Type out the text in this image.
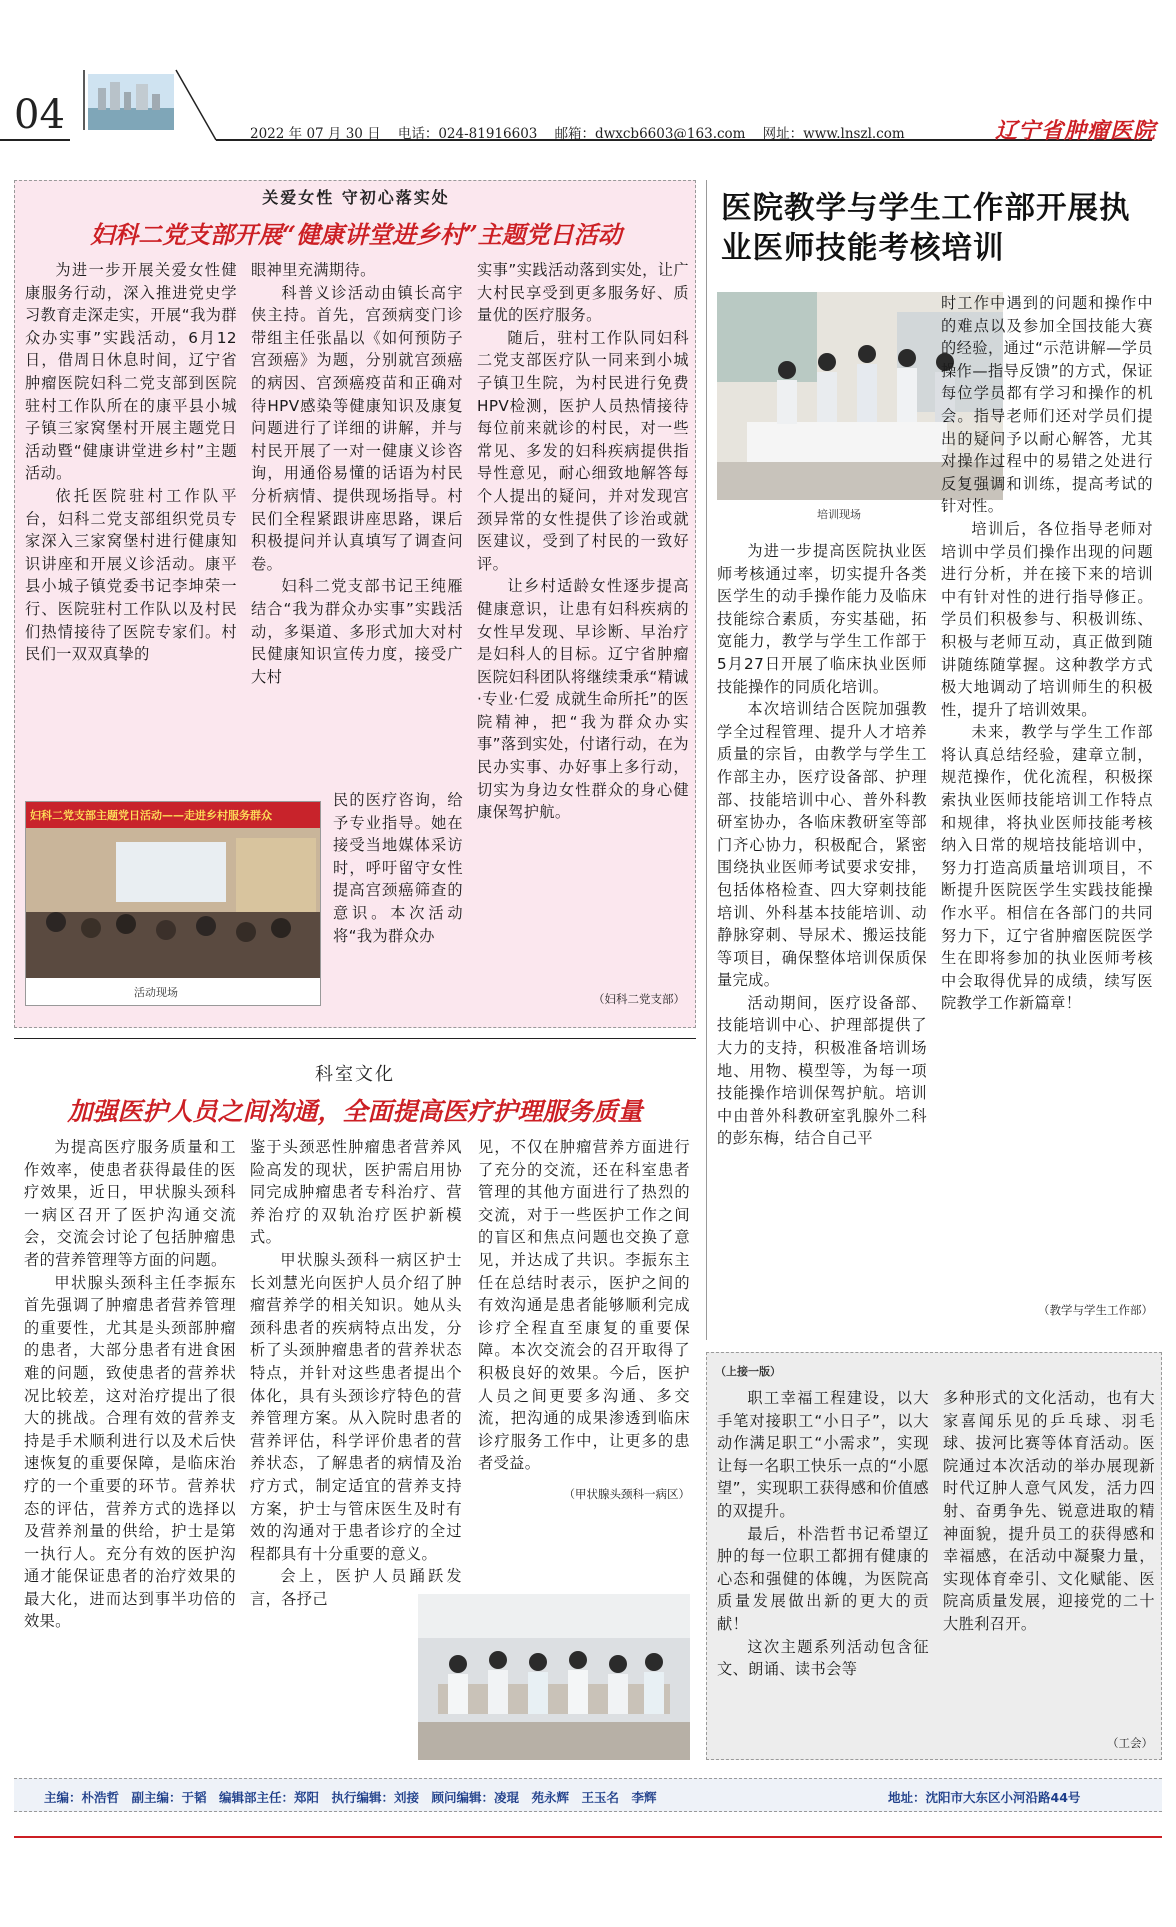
04	2022 年 07 月 30 日 电话：024-81916603 邮箱：dwxcb6603@163.com 网址：www.lnszl.com	辽宁省肿瘤医院
关爱女性 守初心落实处
妇科二党支部开展“健康讲堂进乡村”主题党日活动

为进一步开展关爱女性健康服务行动，深入推进党史学习教育走深走实，开展“我为群众办实事”实践活动，6月12日，借周日休息时间，辽宁省肿瘤医院妇科二党支部到医院驻村工作队所在的康平县小城子镇三家窝堡村开展主题党日活动暨“健康讲堂进乡村”主题活动。

依托医院驻村工作队平台，妇科二党支部组织党员专家深入三家窝堡村进行健康知识讲座和开展义诊活动。康平县小城子镇党委书记李坤荣一行、医院驻村工作队以及村民们热情接待了医院专家们。村民们一双双真挚的

眼神里充满期待。

科普义诊活动由镇长高宇侠主持。首先，宫颈病变门诊带组主任张晶以《如何预防子宫颈癌》为题，分别就宫颈癌的病因、宫颈癌疫苗和正确对待HPV感染等健康知识及康复问题进行了详细的讲解，并与村民开展了一对一健康义诊咨询，用通俗易懂的话语为村民分析病情、提供现场指导。村民们全程紧跟讲座思路，课后积极提问并认真填写了调查问卷。

妇科二党支部书记王纯雁结合“我为群众办实事”实践活动，多渠道、多形式加大对村民健康知识宣传力度，接受广大村

民的医疗咨询，给予专业指导。她在接受当地媒体采访时，呼吁留守女性提高宫颈癌筛查的意识。本次活动将“我为群众办

实事”实践活动落到实处，让广大村民享受到更多服务好、质量优的医疗服务。

随后，驻村工作队同妇科二党支部医疗队一同来到小城子镇卫生院，为村民进行免费HPV检测，医护人员热情接待每位前来就诊的村民，对一些常见、多发的妇科疾病提供指导性意见，耐心细致地解答每个人提出的疑问，并对发现宫颈异常的女性提供了诊治或就医建议，受到了村民的一致好评。

让乡村适龄女性逐步提高健康意识，让患有妇科疾病的女性早发现、早诊断、早治疗是妇科人的目标。辽宁省肿瘤医院妇科团队将继续秉承“精诚·专业·仁爱 成就生命所托”的医院精神，把“我为群众办实事”落到实处，付诸行动，在为民办实事、办好事上多行动，切实为身边女性群众的身心健康保驾护航。

妇科二党支部主题党日活动——走进乡村服务群众
活动现场	（妇科二党支部）
医院教学与学生工作部开展执业医师技能考核培训
培训现场

为进一步提高医院执业医师考核通过率，切实提升各类医学生的动手操作能力及临床技能综合素质，夯实基础，拓宽能力，教学与学生工作部于5月27日开展了临床执业医师技能操作的同质化培训。

本次培训结合医院加强教学全过程管理、提升人才培养质量的宗旨，由教学与学生工作部主办，医疗设备部、护理部、技能培训中心、普外科教研室协办，各临床教研室等部门齐心协力，积极配合，紧密围绕执业医师考试要求安排，包括体格检查、四大穿刺技能培训、外科基本技能培训、动静脉穿刺、导尿术、搬运技能等项目，确保整体培训保质保量完成。

活动期间，医疗设备部、技能培训中心、护理部提供了大力的支持，积极准备培训场地、用物、模型等，为每一项技能操作培训保驾护航。培训中由普外科教研室乳腺外二科的彭东梅，结合自己平

时工作中遇到的问题和操作中的难点以及参加全国技能大赛的经验，通过“示范讲解—学员操作—指导反馈”的方式，保证每位学员都有学习和操作的机会。指导老师们还对学员们提出的疑问予以耐心解答，尤其对操作过程中的易错之处进行反复强调和训练，提高考试的针对性。

培训后，各位指导老师对培训中学员们操作出现的问题进行分析，并在接下来的培训中有针对性的进行指导修正。学员们积极参与、积极训练、积极与老师互动，真正做到随讲随练随掌握。这种教学方式极大地调动了培训师生的积极性，提升了培训效果。

未来，教学与学生工作部将认真总结经验，建章立制，规范操作，优化流程，积极探索执业医师技能培训工作特点和规律，将执业医师技能考核纳入日常的规培技能培训中，努力打造高质量培训项目，不断提升医院医学生实践技能操作水平。相信在各部门的共同努力下，辽宁省肿瘤医院医学生在即将参加的执业医师考核中会取得优异的成绩，续写医院教学工作新篇章！

（教学与学生工作部）
科室文化
加强医护人员之间沟通，全面提高医疗护理服务质量

为提高医疗服务质量和工作效率，使患者获得最佳的医疗效果，近日，甲状腺头颈科一病区召开了医护沟通交流会，交流会讨论了包括肿瘤患者的营养管理等方面的问题。

甲状腺头颈科主任李振东首先强调了肿瘤患者营养管理的重要性，尤其是头颈部肿瘤的患者，大部分患者有进食困难的问题，致使患者的营养状况比较差，这对治疗提出了很大的挑战。合理有效的营养支持是手术顺利进行以及术后快速恢复的重要保障，是临床治疗的一个重要的环节。营养状态的评估，营养方式的选择以及营养剂量的供给，护士是第一执行人。充分有效的医护沟通才能保证患者的治疗效果的最大化，进而达到事半功倍的效果。

鉴于头颈恶性肿瘤患者营养风险高发的现状，医护需启用协同完成肿瘤患者专科治疗、营养治疗的双轨治疗医护新模式。

甲状腺头颈科一病区护士长刘慧光向医护人员介绍了肿瘤营养学的相关知识。她从头颈科患者的疾病特点出发，分析了头颈肿瘤患者的营养状态特点，并针对这些患者提出个体化，具有头颈诊疗特色的营养管理方案。从入院时患者的营养评估，科学评价患者的营养状态，了解患者的病情及治疗方式，制定适宜的营养支持方案，护士与管床医生及时有效的沟通对于患者诊疗的全过程都具有十分重要的意义。

会上，医护人员踊跃发言，各抒己

见，不仅在肿瘤营养方面进行了充分的交流，还在科室患者管理的其他方面进行了热烈的交流，对于一些医护工作之间的盲区和焦点问题也交换了意见，并达成了共识。李振东主任在总结时表示，医护之间的有效沟通是患者能够顺利完成诊疗全程直至康复的重要保障。本次交流会的召开取得了积极良好的效果。今后，医护人员之间更要多沟通、多交流，把沟通的成果渗透到临床诊疗服务工作中，让更多的患者受益。

（甲状腺头颈科一病区）
（上接一版）

职工幸福工程建设，以大手笔对接职工“小日子”，以大动作满足职工“小需求”，实现让每一名职工快乐一点的“小愿望”，实现职工获得感和价值感的双提升。

最后，朴浩哲书记希望辽肿的每一位职工都拥有健康的心态和强健的体魄，为医院高质量发展做出新的更大的贡献！

这次主题系列活动包含征文、朗诵、读书会等

多种形式的文化活动，也有大家喜闻乐见的乒乓球、羽毛球、拔河比赛等体育活动。医院通过本次活动的举办展现新时代辽肿人意气风发，活力四射、奋勇争先、锐意进取的精神面貌，提升员工的获得感和幸福感，在活动中凝聚力量，实现体育牵引、文化赋能、医院高质量发展，迎接党的二十大胜利召开。

（工会）
主编：朴浩哲　副主编：于韬　编辑部主任：郑阳　执行编辑：刘接　顾问编辑：凌琨　苑永辉　王玉名　李辉	地址：沈阳市大东区小河沿路44号
